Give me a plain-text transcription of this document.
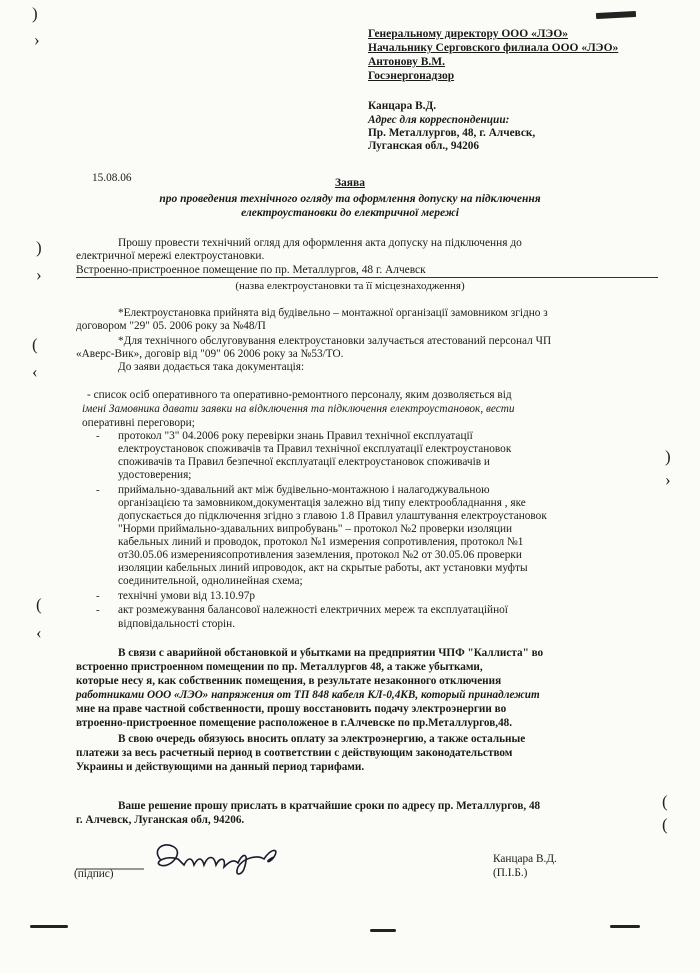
)
›
)
›
(
‹
)
›
(
‹
(
(
Генеральному директору ООО «ЛЭО»
Начальнику Серговского филиала ООО «ЛЭО»
Антонову В.М.
Госэнергонадзор
Канцара В.Д.
Адрес для корреспонденции:
Пр. Металлургов, 48, г. Алчевск,
Луганская обл., 94206
15.08.06	Заява
про проведения технічного огляду та оформлення допуску на підключення
електроустановки до електричної мережі
Прошу провести технічний огляд для оформлення акта допуску на підключення до
електричної мережі електроустановки.
Встроенно-пристроенное помещение по пр. Металлургов, 48 г. Алчевск
(назва електроустановки та її місцезнаходження)
*Електроустановка прийнята від будівельно – монтажної організації замовником згідно з
договором "29" 05. 2006 року за №48/П
*Для технічного обслуговування електроустановки залучається атестований персонал ЧП
«Аверс-Вик», договір від "09" 06 2006 року за №53/ТО.
До заяви додається така документація:
- список осіб оперативного та оперативно-ремонтного персоналу, яким дозволяється від
імені Замовника давати заявки на відключення та підключення електроустановок, вести
оперативні переговори;
- протокол "3" 04.2006 року перевірки знань Правил технічної експлуатації
електроустановок споживачів та Правил технічної експлуатації електроустановок
споживачів та Правил безпечної експлуатації електроустановок споживачів и
удостоверения;
- приймально-здавальний акт між будівельно-монтажною і налагоджувальною
організацією та замовником,документація залежно від типу електрообладнання , яке
допускається до підключення згідно з главою 1.8 Правил улаштування електроустановок
"Норми приймально-здавальних випробувань" – протокол №2 проверки изоляции
кабельных линий и проводок, протокол №1 измерения сопротивления, протокол №1
от30.05.06 измерениясопротивления заземления, протокол №2 от 30.05.06 проверки
изоляции кабельных линий ипроводок, акт на скрытые работы, акт установки муфты
соединительной, однолинейная схема;
- технічні умови від 13.10.97р
- акт розмежування балансової належності електричних мереж та експлуатаційної
відповідальності сторін.
В связи с аварийной обстановкой и убытками на предприятии ЧПФ "Каллиста" во
встроенно пристроенном помещении по пр. Металлургов 48, а также убытками,
которые несу я, как собственник помещения, в результате незаконного отключения
работниками ООО «ЛЭО» напряжения от ТП 848 кабеля КЛ-0,4КВ, который принадлежит
мне на праве частной собственности, прошу восстановить подачу электроэнергии во
втроенно-пристроенное помещение расположеное в г.Алчевске по пр.Металлургов,48.
В свою очередь обязуюсь вносить оплату за электроэнергию, а также остальные
платежи за весь расчетный период в соответствии с действующим законодательством
Украины и действующими на данный период тарифами.
Ваше решение прошу прислать в кратчайшие сроки по адресу пр. Металлургов, 48
г. Алчевск, Луганская обл, 94206.
(підпис)
Канцара В.Д.
(П.І.Б.)
